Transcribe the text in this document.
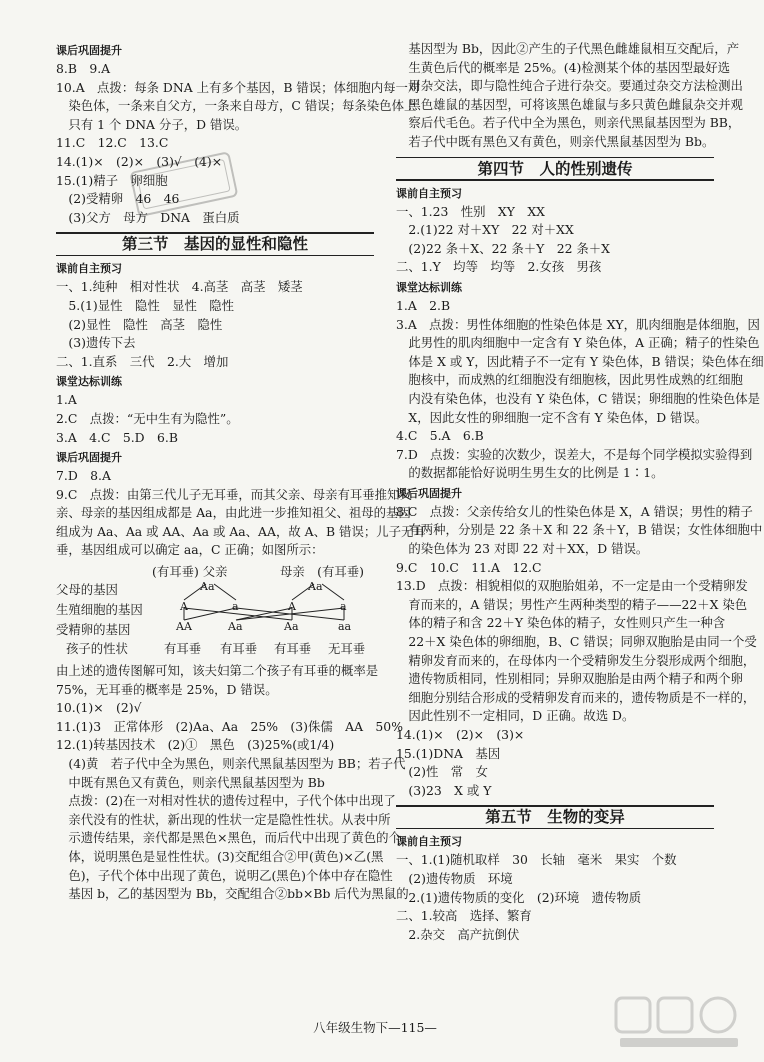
课后巩固提升
8.B　9.A
10.A　点拨：每条 DNA 上有多个基因，B 错误；体细胞内每一对
　染色体，一条来自父方，一条来自母方，C 错误；每条染色体上
　只有 1 个 DNA 分子，D 错误。
11.C　12.C　13.C
14.(1)×　(2)×　(3)√　(4)×
15.(1)精子　卵细胞
　(2)受精卵　46　46
　(3)父方　母方　DNA　蛋白质
第三节　基因的显性和隐性
课前自主预习
一、1.纯种　相对性状　4.高茎　高茎　矮茎
　5.(1)显性　隐性　显性　隐性
　(2)显性　隐性　高茎　隐性
　(3)遗传下去
二、1.直系　三代　2.大　增加
课堂达标训练
1.A
2.C　点拨：“无中生有为隐性”。
3.A　4.C　5.D　6.B
课后巩固提升
7.D　8.A
9.C　点拨：由第三代儿子无耳垂，而其父亲、母亲有耳垂推知父
亲、母亲的基因组成都是 Aa，由此进一步推知祖父、祖母的基因
组成为 Aa、Aa 或 AA、Aa 或 Aa、AA，故 A、B 错误；儿子无耳
垂，基因组成可以确定 aa，C 正确；如图所示：
(有耳垂) 父亲	母亲　(有耳垂)
父母的基因	Aa	Aa
生殖细胞的基因	A	a	A	a
受精卵的基因	AA	Aa	Aa	aa
孩子的性状	有耳垂 有耳垂 有耳垂 无耳垂
由上述的遗传图解可知，该夫妇第二个孩子有耳垂的概率是
75%，无耳垂的概率是 25%，D 错误。
10.(1)×　(2)√
11.(1)3　正常体形　(2)Aa、Aa　25%　(3)侏儒　AA　50%
12.(1)转基因技术　(2)①　黑色　(3)25%(或1/4)
　(4)黄　若子代中全为黑色，则亲代黑鼠基因型为 BB；若子代
　中既有黑色又有黄色，则亲代黑鼠基因型为 Bb
　点拨：(2)在一对相对性状的遗传过程中，子代个体中出现了
　亲代没有的性状，新出现的性状一定是隐性性状。从表中所
　示遗传结果，亲代都是黑色×黑色，而后代中出现了黄色的个
　体，说明黑色是显性性状。(3)交配组合②甲(黄色)×乙(黑
　色)，子代个体中出现了黄色，说明乙(黑色)个体中存在隐性
　基因 b，乙的基因型为 Bb，交配组合②bb×Bb 后代为黑鼠的
　基因型为 Bb，因此②产生的子代黑色雌雄鼠相互交配后，产
　生黄色后代的概率是 25%。(4)检测某个体的基因型最好选
　用杂交法，即与隐性纯合子进行杂交。要通过杂交方法检测出
　黑色雄鼠的基因型，可将该黑色雄鼠与多只黄色雌鼠杂交并观
　察后代毛色。若子代中全为黑色，则亲代黑鼠基因型为 BB，
　若子代中既有黑色又有黄色，则亲代黑鼠基因型为 Bb。
第四节　人的性别遗传
课前自主预习
一、1.23　性别　XY　XX
　2.(1)22 对＋XY　22 对＋XX
　(2)22 条＋X、22 条＋Y　22 条＋X
二、1.Y　均等　均等　2.女孩　男孩
课堂达标训练
1.A　2.B
3.A　点拨：男性体细胞的性染色体是 XY，肌肉细胞是体细胞，因
　此男性的肌肉细胞中一定含有 Y 染色体，A 正确；精子的性染色
　体是 X 或 Y，因此精子不一定有 Y 染色体，B 错误；染色体在细
　胞核中，而成熟的红细胞没有细胞核，因此男性成熟的红细胞
　内没有染色体，也没有 Y 染色体，C 错误；卵细胞的性染色体是
　X，因此女性的卵细胞一定不含有 Y 染色体，D 错误。
4.C　5.A　6.B
7.D　点拨：实验的次数少，误差大，不是每个同学模拟实验得到
　的数据都能恰好说明生男生女的比例是 1∶1。
课后巩固提升
8.C　点拨：父亲传给女儿的性染色体是 X，A 错误；男性的精子
　有两种，分别是 22 条＋X 和 22 条＋Y，B 错误；女性体细胞中
　的染色体为 23 对即 22 对＋XX，D 错误。
9.C　10.C　11.A　12.C
13.D　点拨：相貌相似的双胞胎姐弟，不一定是由一个受精卵发
　育而来的，A 错误；男性产生两种类型的精子——22＋X 染色
　体的精子和含 22＋Y 染色体的精子，女性则只产生一种含
　22＋X 染色体的卵细胞，B、C 错误；同卵双胞胎是由同一个受
　精卵发育而来的，在母体内一个受精卵发生分裂形成两个细胞，
　遗传物质相同，性别相同；异卵双胞胎是由两个精子和两个卵
　细胞分别结合形成的受精卵发育而来的，遗传物质是不一样的，
　因此性别不一定相同，D 正确。故选 D。
14.(1)×　(2)×　(3)×
15.(1)DNA　基因
　(2)性　常　女
　(3)23　X 或 Y
第五节　生物的变异
课前自主预习
一、1.(1)随机取样　30　长轴　毫米　果实　个数
　(2)遗传物质　环境
　2.(1)遗传物质的变化　(2)环境　遗传物质
二、1.较高　选择、繁育
　2.杂交　高产抗倒伏
八年级生物下—115—
